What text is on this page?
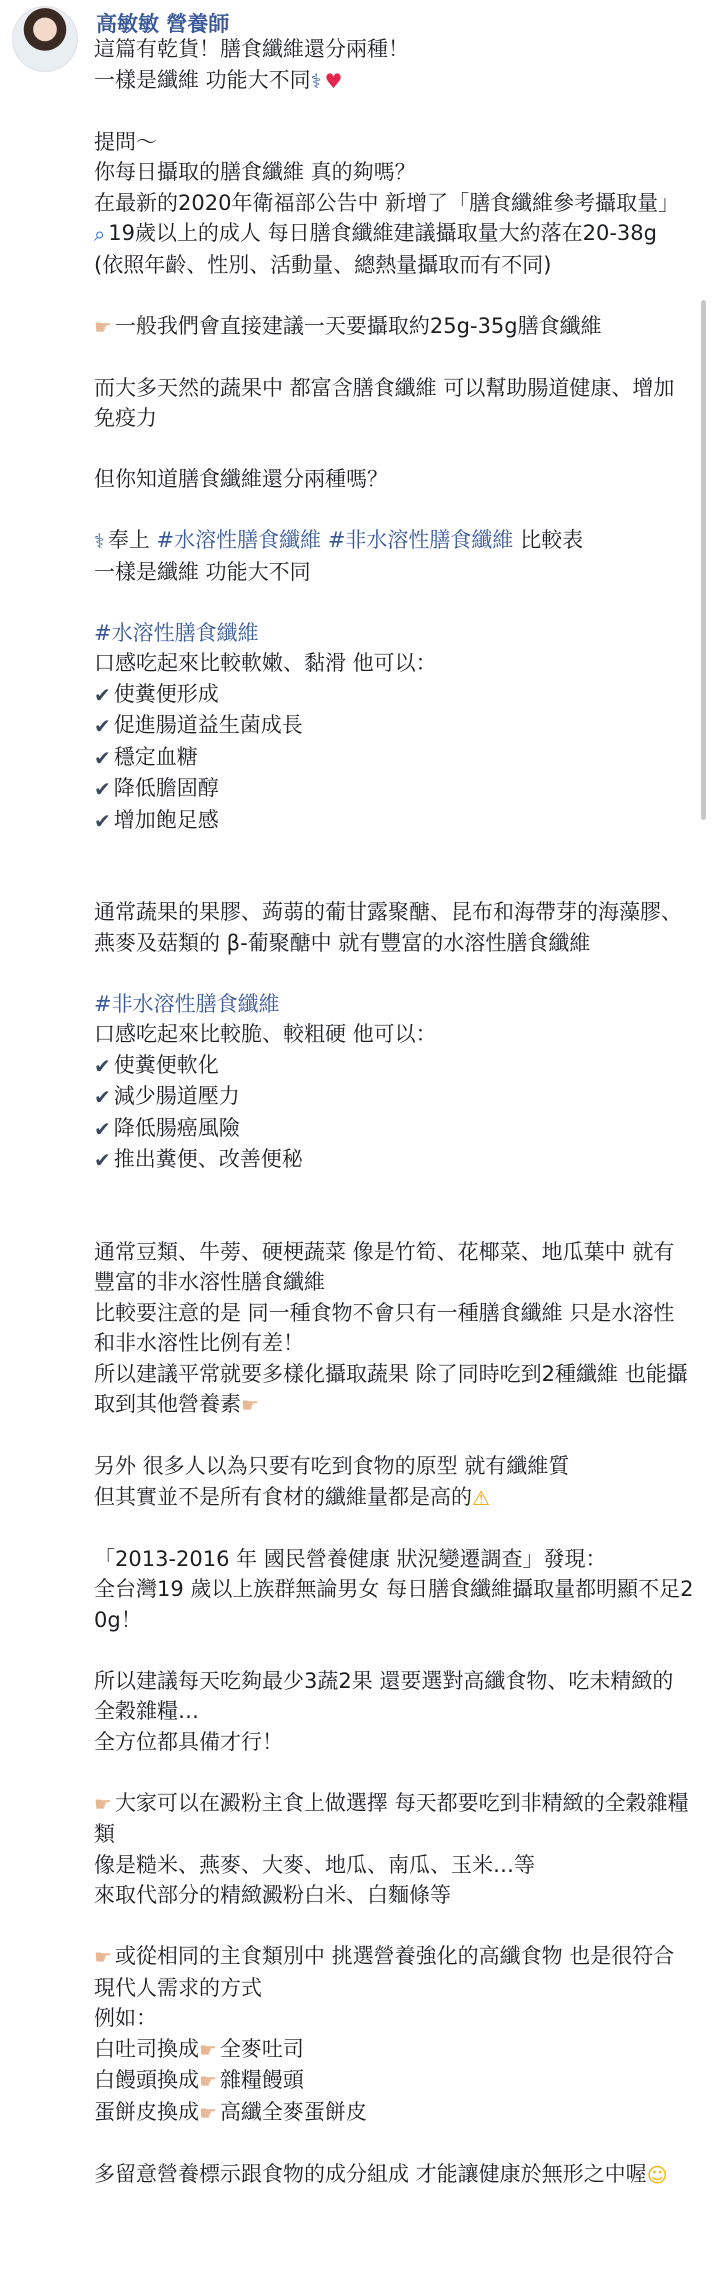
高敏敏 營養師
這篇有乾貨！膳食纖維還分兩種！
一樣是纖維 功能大不同⚕ ♥
提問～
你每日攝取的膳食纖維 真的夠嗎？
在最新的2020年衛福部公告中 新增了「膳食纖維參考攝取量」
⌕ 19歲以上的成人 每日膳食纖維建議攝取量大約落在20-38g
(依照年齡、性別、活動量、總熱量攝取而有不同)
☛ 一般我們會直接建議一天要攝取約25g-35g膳食纖維
而大多天然的蔬果中 都富含膳食纖維 可以幫助腸道健康、增加免疫力
但你知道膳食纖維還分兩種嗎？
⚕ 奉上 #水溶性膳食纖維 #非水溶性膳食纖維 比較表
一樣是纖維 功能大不同
#水溶性膳食纖維
口感吃起來比較軟嫩、黏滑 他可以：
✔ 使糞便形成
✔ 促進腸道益生菌成長
✔ 穩定血糖
✔ 降低膽固醇
✔ 增加飽足感
通常蔬果的果膠、蒟蒻的葡甘露聚醣、昆布和海帶芽的海藻膠、燕麥及菇類的 β-葡聚醣中 就有豐富的水溶性膳食纖維
#非水溶性膳食纖維
口感吃起來比較脆、較粗硬 他可以：
✔ 使糞便軟化
✔ 減少腸道壓力
✔ 降低腸癌風險
✔ 推出糞便、改善便秘
通常豆類、牛蒡、硬梗蔬菜 像是竹筍、花椰菜、地瓜葉中 就有豐富的非水溶性膳食纖維
比較要注意的是 同一種食物不會只有一種膳食纖維 只是水溶性和非水溶性比例有差！
所以建議平常就要多樣化攝取蔬果 除了同時吃到2種纖維 也能攝取到其他營養素☛
另外 很多人以為只要有吃到食物的原型 就有纖維質
但其實並不是所有食材的纖維量都是高的⚠
「2013-2016 年 國民營養健康 狀況變遷調查」發現：
全台灣19 歲以上族群無論男女 每日膳食纖維攝取量都明顯不足20g！
所以建議每天吃夠最少3蔬2果 還要選對高纖食物、吃未精緻的全穀雜糧…
全方位都具備才行！
☛ 大家可以在澱粉主食上做選擇 每天都要吃到非精緻的全穀雜糧類
像是糙米、燕麥、大麥、地瓜、南瓜、玉米…等
來取代部分的精緻澱粉白米、白麵條等
☛ 或從相同的主食類別中 挑選營養強化的高纖食物 也是很符合現代人需求的方式
例如：
白吐司換成☛ 全麥吐司
白饅頭換成☛ 雜糧饅頭
蛋餅皮換成☛ 高纖全麥蛋餅皮
多留意營養標示跟食物的成分組成 才能讓健康於無形之中喔☺
